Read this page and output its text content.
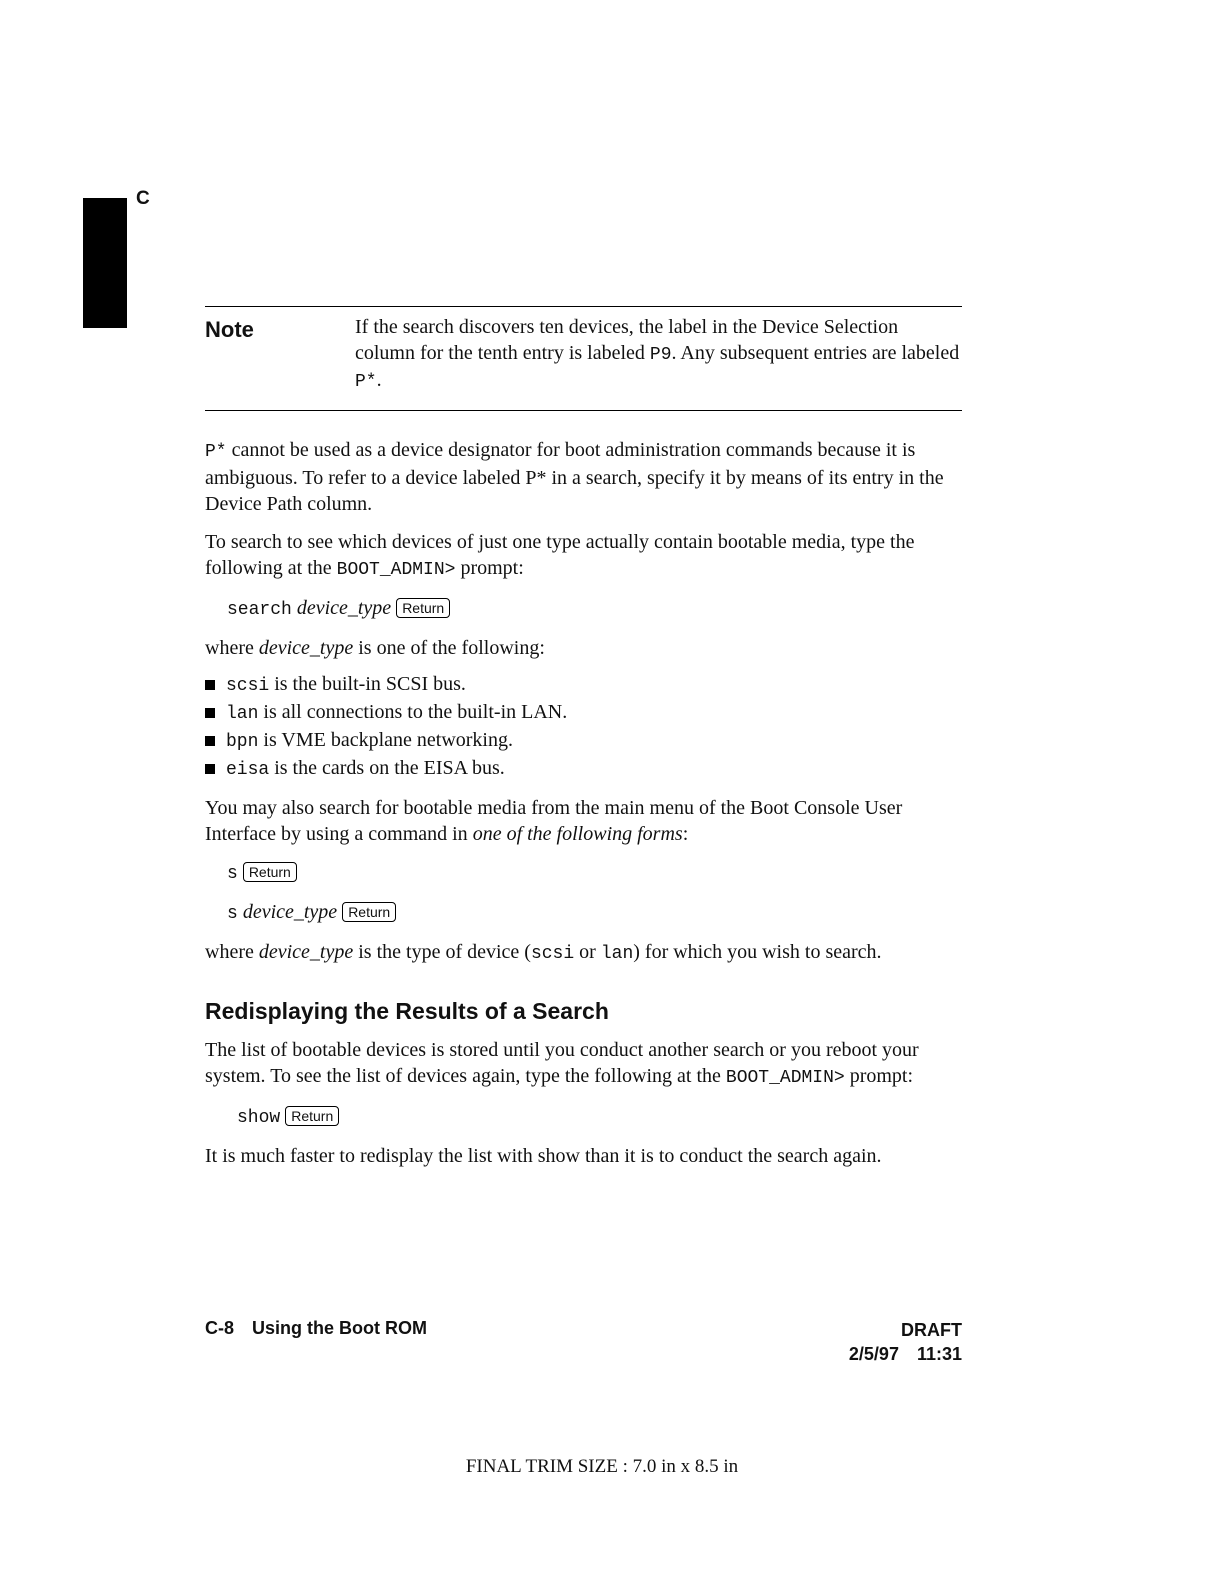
C
Note	If the search discovers ten devices, the label in the Device Selection column for the tenth entry is labeled P9. Any subsequent entries are labeled P*.

P* cannot be used as a device designator for boot administration commands because it is ambiguous. To refer to a device labeled P* in a search, specify it by means of its entry in the Device Path column.

To search to see which devices of just one type actually contain bootable media, type the following at the BOOT_ADMIN> prompt:

search device_type Return

where device_type is one of the following:

scsi is the built-in SCSI bus.
lan is all connections to the built-in LAN.
bpn is VME backplane networking.
eisa is the cards on the EISA bus.

You may also search for bootable media from the main menu of the Boot Console User Interface by using a command in one of the following forms:

s Return
s device_type Return

where device_type is the type of device (scsi or lan) for which you wish to search.

Redisplaying the Results of a Search

The list of bootable devices is stored until you conduct another search or you reboot your system. To see the list of devices again, type the following at the BOOT_ADMIN> prompt:

show Return

It is much faster to redisplay the list with show than it is to conduct the search again.

C-8 Using the Boot ROM	DRAFT
2/5/97 11:31
FINAL TRIM SIZE : 7.0 in x 8.5 in
